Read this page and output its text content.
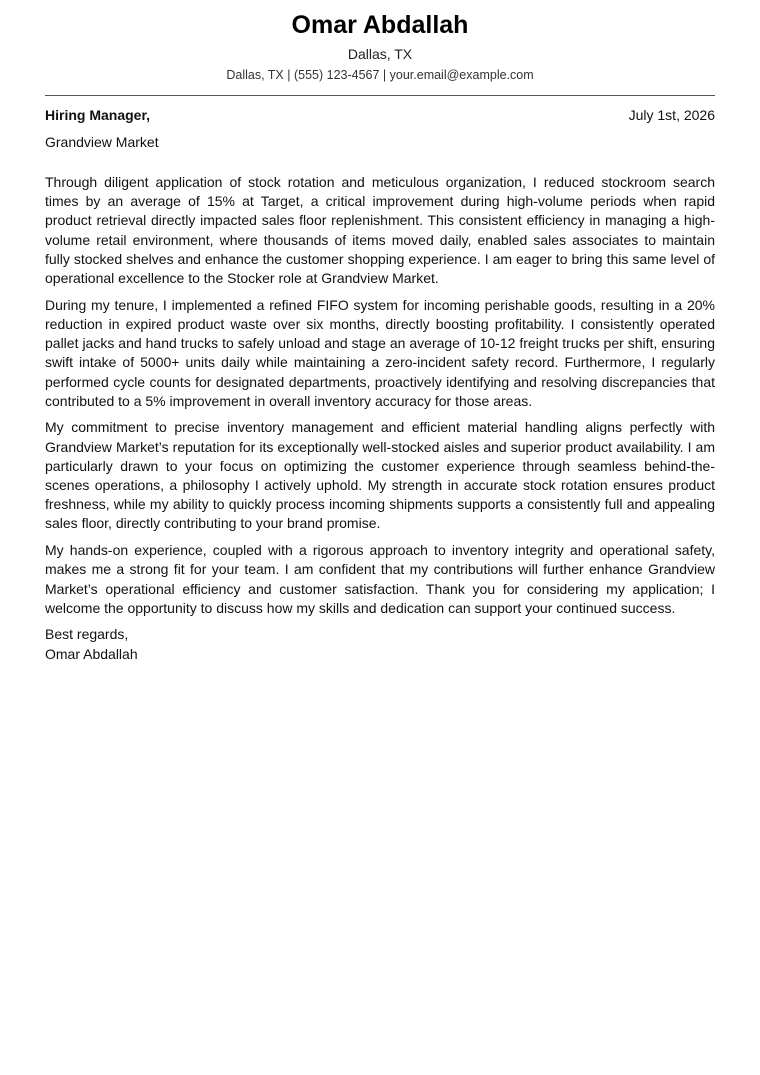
Omar Abdallah
Dallas, TX
Dallas, TX | (555) 123-4567 | your.email@example.com
Hiring Manager,	July 1st, 2026
Grandview Market

Through diligent application of stock rotation and meticulous organization, I reduced stockroom search times by an average of 15% at Target, a critical improvement during high-volume periods when rapid product retrieval directly impacted sales floor replenishment. This consistent efficiency in managing a high-volume retail environment, where thousands of items moved daily, enabled sales associates to maintain fully stocked shelves and enhance the customer shopping experience. I am eager to bring this same level of operational excellence to the Stocker role at Grandview Market.

During my tenure, I implemented a refined FIFO system for incoming perishable goods, resulting in a 20% reduction in expired product waste over six months, directly boosting profitability. I consistently operated pallet jacks and hand trucks to safely unload and stage an average of 10-12 freight trucks per shift, ensuring swift intake of 5000+ units daily while maintaining a zero-incident safety record. Furthermore, I regularly performed cycle counts for designated departments, proactively identifying and resolving discrepancies that contributed to a 5% improvement in overall inventory accuracy for those areas.

My commitment to precise inventory management and efficient material handling aligns perfectly with Grandview Market’s reputation for its exceptionally well-stocked aisles and superior product availability. I am particularly drawn to your focus on optimizing the customer experience through seamless behind-the-scenes operations, a philosophy I actively uphold. My strength in accurate stock rotation ensures product freshness, while my ability to quickly process incoming shipments supports a consistently full and appealing sales floor, directly contributing to your brand promise.

My hands-on experience, coupled with a rigorous approach to inventory integrity and operational safety, makes me a strong fit for your team. I am confident that my contributions will further enhance Grandview Market’s operational efficiency and customer satisfaction. Thank you for considering my application; I welcome the opportunity to discuss how my skills and dedication can support your continued success.

Best regards,
Omar Abdallah
